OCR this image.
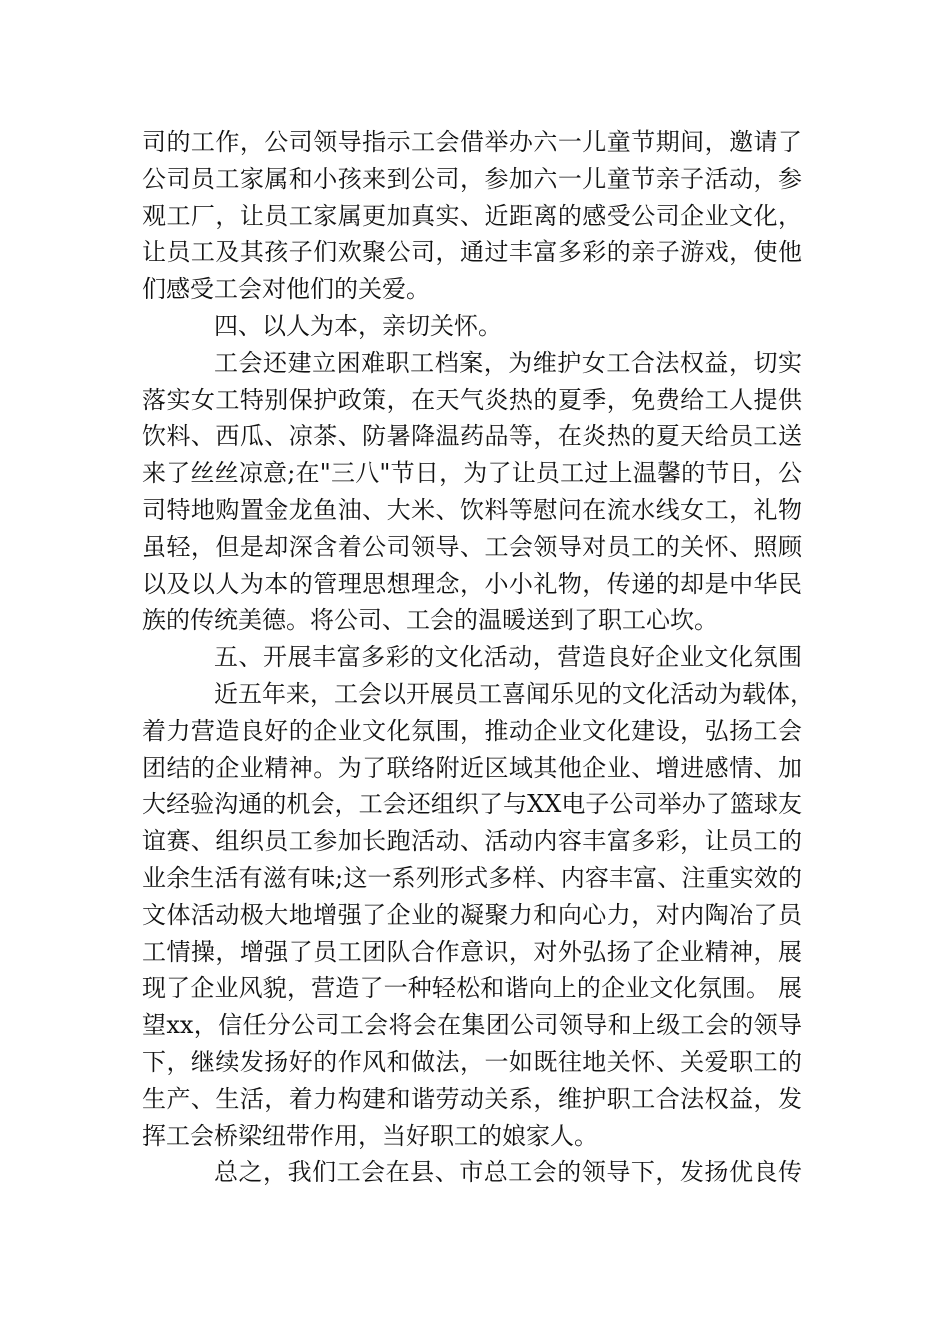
司的工作，公司领导指示工会借举办六一儿童节期间，邀请了
公司员工家属和小孩来到公司，参加六一儿童节亲子活动，参
观工厂，让员工家属更加真实、近距离的感受公司企业文化，
让员工及其孩子们欢聚公司，通过丰富多彩的亲子游戏，使他
们感受工会对他们的关爱。
四、以人为本，亲切关怀。
工会还建立困难职工档案，为维护女工合法权益，切实
落实女工特别保护政策，在天气炎热的夏季，免费给工人提供
饮料、西瓜、凉茶、防暑降温药品等，在炎热的夏天给员工送
来了丝丝凉意;在"三八"节日，为了让员工过上温馨的节日，公
司特地购置金龙鱼油、大米、饮料等慰问在流水线女工，礼物
虽轻，但是却深含着公司领导、工会领导对员工的关怀、照顾
以及以人为本的管理思想理念，小小礼物，传递的却是中华民
族的传统美德。将公司、工会的温暖送到了职工心坎。
五、开展丰富多彩的文化活动，营造良好企业文化氛围
近五年来，工会以开展员工喜闻乐见的文化活动为载体，
着力营造良好的企业文化氛围，推动企业文化建设，弘扬工会
团结的企业精神。为了联络附近区域其他企业、增进感情、加
大经验沟通的机会，工会还组织了与XX电子公司举办了篮球友
谊赛、组织员工参加长跑活动、活动内容丰富多彩，让员工的
业余生活有滋有味;这一系列形式多样、内容丰富、注重实效的
文体活动极大地增强了企业的凝聚力和向心力，对内陶冶了员
工情操，增强了员工团队合作意识，对外弘扬了企业精神，展
现了企业风貌，营造了一种轻松和谐向上的企业文化氛围。 展
望xx，信任分公司工会将会在集团公司领导和上级工会的领导
下，继续发扬好的作风和做法，一如既往地关怀、关爱职工的
生产、生活，着力构建和谐劳动关系，维护职工合法权益，发
挥工会桥梁纽带作用，当好职工的娘家人。
总之，我们工会在县、市总工会的领导下，发扬优良传
